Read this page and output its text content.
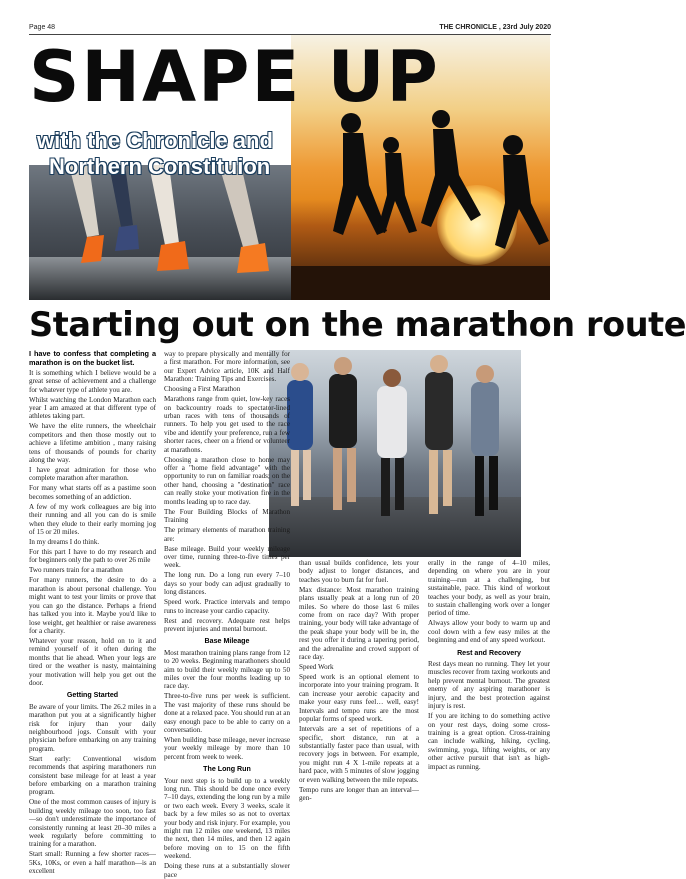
Page 48	THE CHRONICLE , 23rd July 2020
SHAPE UP
with the Chronicle and
Northern Constituion
Starting out on the marathon route

I have to confess that completing a marathon is on the bucket list.

It is something which I believe would be a great sense of achievement and a challenge for whatever type of athlete you are.

Whilst watching the London Marathon each year I am amazed at that different type of athletes taking part.

We have the elite runners, the wheelchair competitors and then those mostly out to achieve a lifetime ambition , many raising tens of thousands of pounds for charity along the way.

I have great admiration for those who complete marathon after marathon.

For many what starts off as a pastime soon becomes something of an addiction.

A few of my work colleagues are big into their running and all you can do is smile when they elude to their early morning jog of 15 or 20 miles.

In my dreams I do think.

For this part I have to do my research and for beginners only the path to over 26 mile

Two runners train for a marathon

For many runners, the desire to do a marathon is about personal challenge. You might want to test your limits or prove that you can go the distance. Perhaps a friend has talked you into it. Maybe you'd like to lose weight, get healthier or raise awareness for a charity.

Whatever your reason, hold on to it and remind yourself of it often during the months that lie ahead. When your legs are tired or the weather is nasty, maintaining your motivation will help you get out the door.

Getting Started

Be aware of your limits. The 26.2 miles in a marathon put you at a significantly higher risk for injury than your daily neighbourhood jogs. Consult with your physician before embarking on any training program.

Start early: Conventional wisdom recommends that aspiring marathoners run consistent base mileage for at least a year before embarking on a marathon training program.

One of the most common causes of injury is building weekly mileage too soon, too fast—so don't underestimate the importance of consistently running at least 20–30 miles a week regularly before committing to training for a marathon.

Start small: Running a few shorter races—5Ks, 10Ks, or even a half marathon—is an excellent

way to prepare physically and mentally for a first marathon. For more information, see our Expert Advice article, 10K and Half Marathon: Training Tips and Exercises.

Choosing a First Marathon

Marathons range from quiet, low-key races on backcountry roads to spectator-lined urban races with tens of thousands of runners. To help you get used to the race vibe and identify your preference, run a few shorter races, cheer on a friend or volunteer at marathons.

Choosing a marathon close to home may offer a "home field advantage" with the opportunity to run on familiar roads; on the other hand, choosing a "destination" race can really stoke your motivation fire in the months leading up to race day.

The Four Building Blocks of Marathon Training

The primary elements of marathon training are:

Base mileage. Build your weekly mileage over time, running three-to-five times per week.

The long run. Do a long run every 7–10 days so your body can adjust gradually to long distances.

Speed work. Practice intervals and tempo runs to increase your cardio capacity.

Rest and recovery. Adequate rest helps prevent injuries and mental burnout.

Base Mileage

Most marathon training plans range from 12 to 20 weeks. Beginning marathoners should aim to build their weekly mileage up to 50 miles over the four months leading up to race day.

Three-to-five runs per week is sufficient. The vast majority of these runs should be done at a relaxed pace. You should run at an easy enough pace to be able to carry on a conversation.

When building base mileage, never increase your weekly mileage by more than 10 percent from week to week.

The Long Run

Your next step is to build up to a weekly long run. This should be done once every 7–10 days, extending the long run by a mile or two each week. Every 3 weeks, scale it back by a few miles so as not to overtax your body and risk injury. For example, you might run 12 miles one weekend, 13 miles the next, then 14 miles, and then 12 again before moving on to 15 on the fifth weekend.

Doing these runs at a substantially slower pace

than usual builds confidence, lets your body adjust to longer distances, and teaches you to burn fat for fuel.

Max distance: Most marathon training plans usually peak at a long run of 20 miles. So where do those last 6 miles come from on race day? With proper training, your body will take advantage of the peak shape your body will be in, the rest you offer it during a tapering period, and the adrenaline and crowd support of race day.

Speed Work

Speed work is an optional element to incorporate into your training program. It can increase your aerobic capacity and make your easy runs feel… well, easy! Intervals and tempo runs are the most popular forms of speed work.

Intervals are a set of repetitions of a specific, short distance, run at a substantially faster pace than usual, with recovery jogs in between. For example, you might run 4 X 1-mile repeats at a hard pace, with 5 minutes of slow jogging or even walking between the mile repeats.

Tempo runs are longer than an interval—gen-

erally in the range of 4–10 miles, depending on where you are in your training—run at a challenging, but sustainable, pace. This kind of workout teaches your body, as well as your brain, to sustain challenging work over a longer period of time.

Always allow your body to warm up and cool down with a few easy miles at the beginning and end of any speed workout.

Rest and Recovery

Rest days mean no running. They let your muscles recover from taxing workouts and help prevent mental burnout. The greatest enemy of any aspiring marathoner is injury, and the best protection against injury is rest.

If you are itching to do something active on your rest days, doing some cross-training is a great option. Cross-training can include walking, hiking, cycling, swimming, yoga, lifting weights, or any other active pursuit that isn't as high-impact as running.
